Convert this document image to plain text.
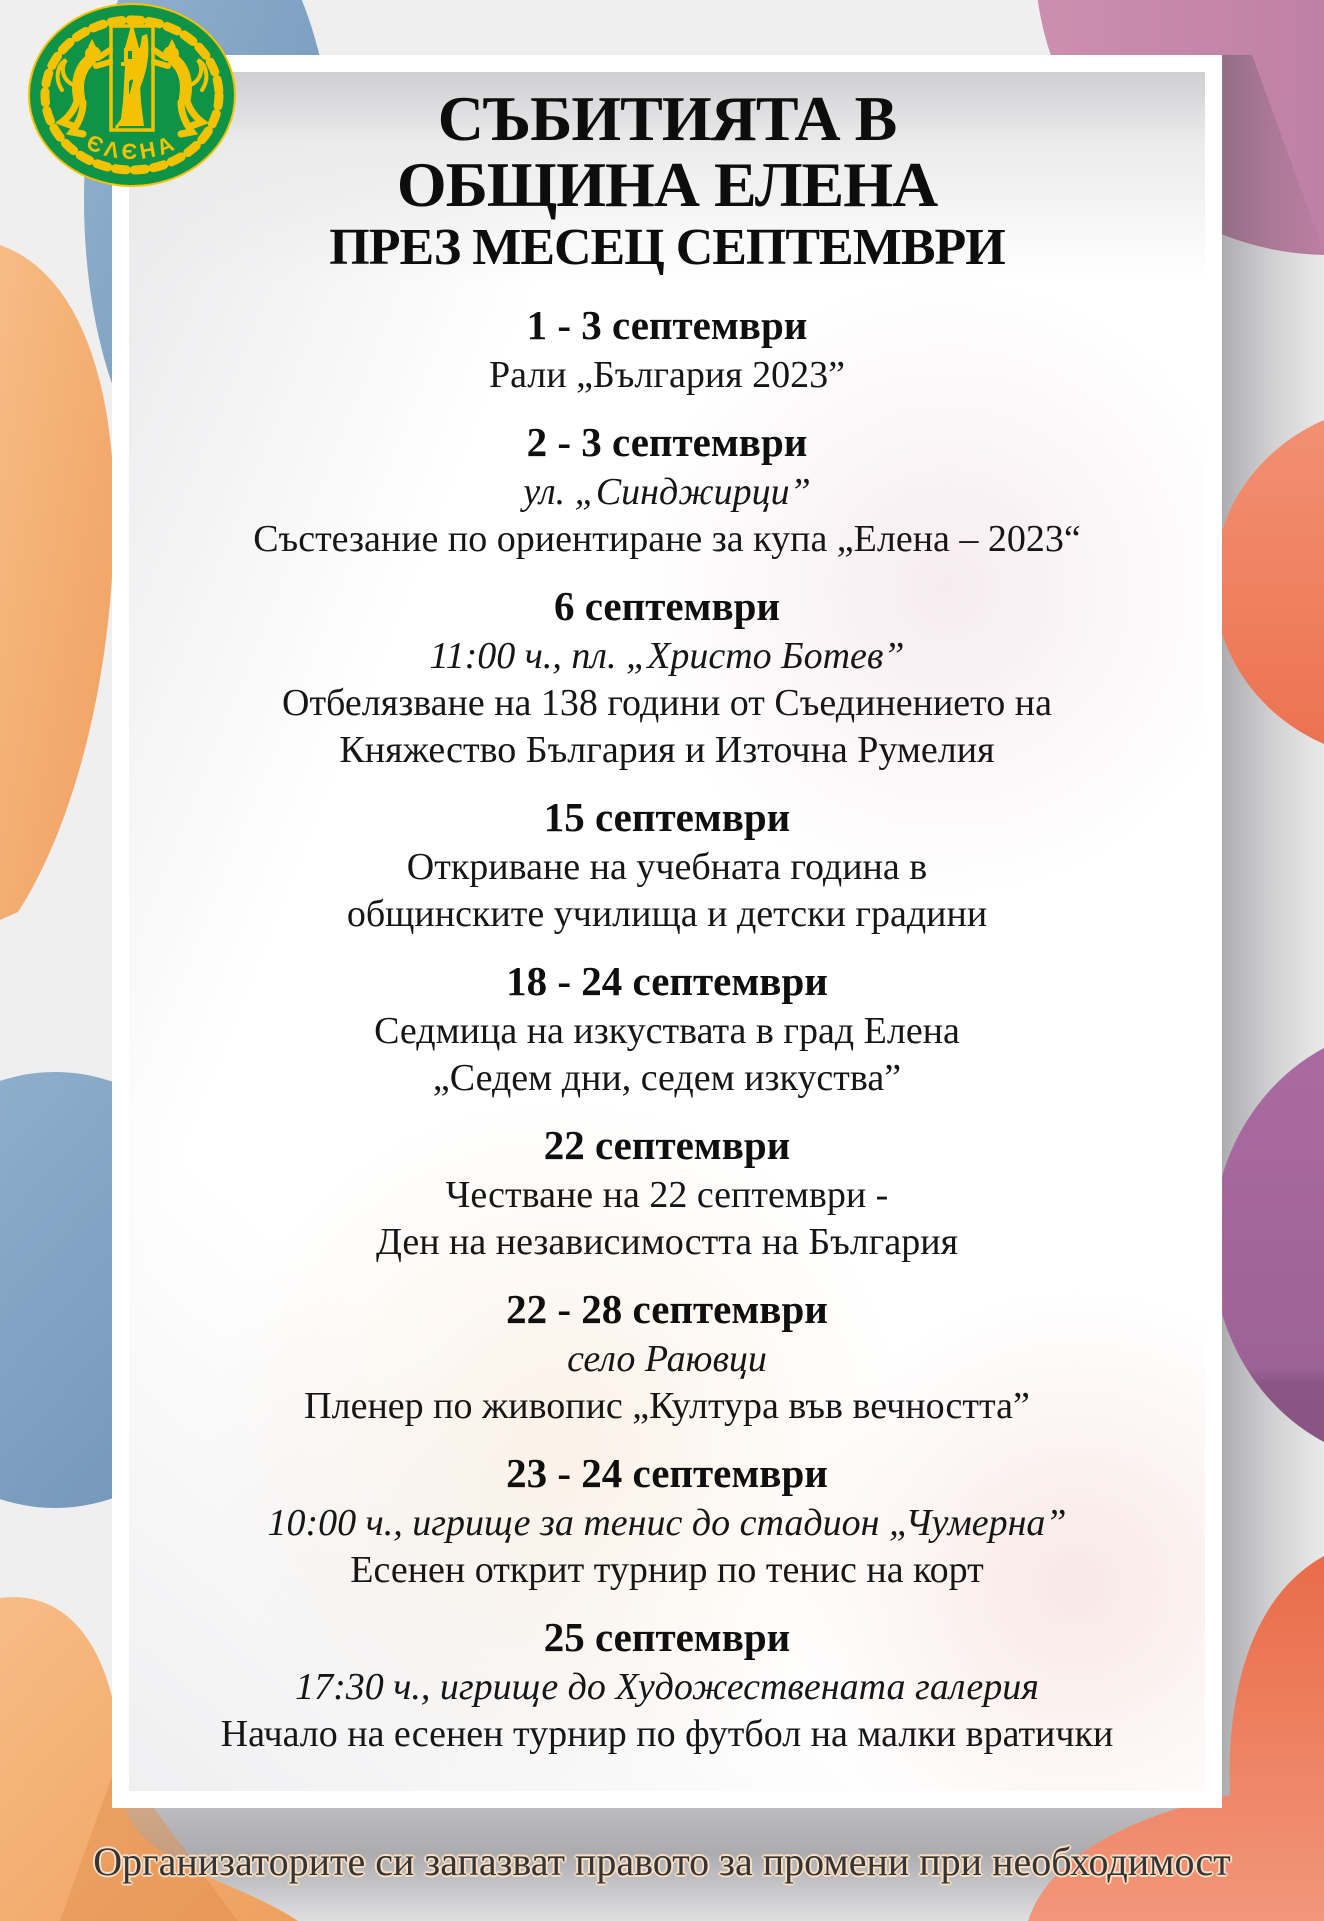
СЪБИТИЯТА В
ОБЩИНА ЕЛЕНА
ПРЕЗ МЕСЕЦ СЕПТЕМВРИ
1 - 3 септември
Рали „България 2023”
2 - 3 септември
ул. „Синджирци”
Състезание по ориентиране за купа „Елена – 2023“
6 септември
11:00 ч., пл. „Христо Ботев”
Отбелязване на 138 години от Съединението на
Княжество България и Източна Румелия
15 септември
Откриване на учебната година в
общинските училища и детски градини
18 - 24 септември
Седмица на изкуствата в град Елена
„Седем дни, седем изкуства”
22 септември
Честване на 22 септември -
Ден на независимостта на България
22 - 28 септември
село Раювци
Пленер по живопис „Култура във вечността”
23 - 24 септември
10:00 ч., игрище за тенис до стадион „Чумерна”
Есенен открит турнир по тенис на корт
25 септември
17:30 ч., игрище до Художествената галерия
Начало на есенен турнир по футбол на малки вратички
Организаторите си запазват правото за промени при необходимост
ЄΛЄНА
